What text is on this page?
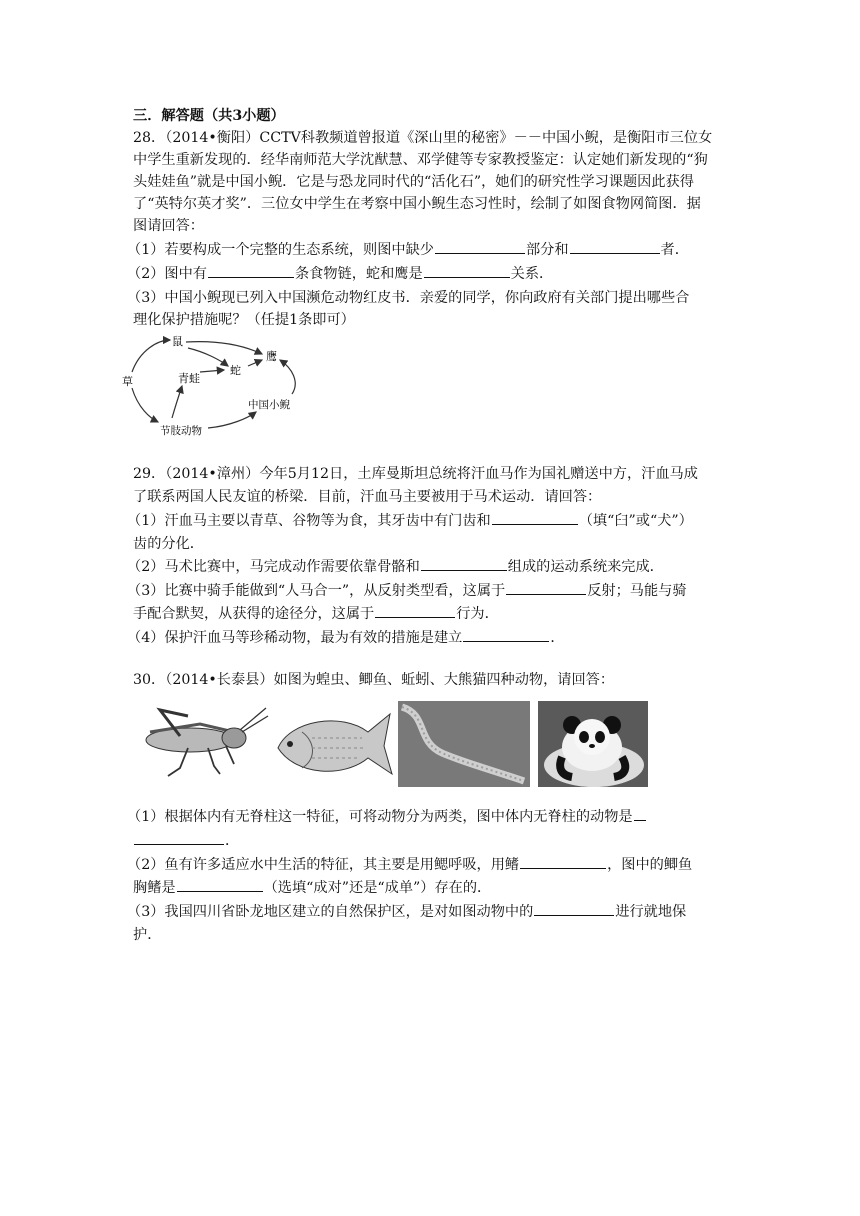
三．解答题（共3小题）
28．（2014•衡阳）CCTV科教频道曾报道《深山里的秘密》－－中国小鲵，是衡阳市三位女
中学生重新发现的．经华南师范大学沈猷慧、邓学健等专家教授鉴定：认定她们新发现的“狗
头娃娃鱼”就是中国小鲵．它是与恐龙同时代的“活化石”，她们的研究性学习课题因此获得
了“英特尔英才奖”．三位女中学生在考察中国小鲵生态习性时，绘制了如图食物网简图．据
图请回答：
（1）若要构成一个完整的生态系统，则图中缺少	部分和	者．
（2）图中有	条食物链，蛇和鹰是	关系．
（3）中国小鲵现已列入中国濒危动物红皮书．亲爱的同学，你向政府有关部门提出哪些合
理化保护措施呢？（任提1条即可）
草
鼠
青蛙
蛇
鹰
中国小鲵
节肢动物
29．（2014•漳州）今年5月12日，土库曼斯坦总统将汗血马作为国礼赠送中方，汗血马成
了联系两国人民友谊的桥梁．目前，汗血马主要被用于马术运动．请回答：
（1）汗血马主要以青草、谷物等为食，其牙齿中有门齿和	（填“臼”或“犬”）
齿的分化．
（2）马术比赛中，马完成动作需要依靠骨骼和	组成的运动系统来完成．
（3）比赛中骑手能做到“人马合一”，从反射类型看，这属于	反射；马能与骑
手配合默契，从获得的途径分，这属于	行为．
（4）保护汗血马等珍稀动物，最为有效的措施是建立	．
30．（2014•长泰县）如图为蝗虫、鲫鱼、蚯蚓、大熊猫四种动物，请回答：
（1）根据体内有无脊柱这一特征，可将动物分为两类，图中体内无脊柱的动物是
．
（2）鱼有许多适应水中生活的特征，其主要是用鳃呼吸，用鳍	，图中的鲫鱼
胸鳍是	（选填“成对”还是“成单”）存在的．
（3）我国四川省卧龙地区建立的自然保护区，是对如图动物中的	进行就地保
护．
